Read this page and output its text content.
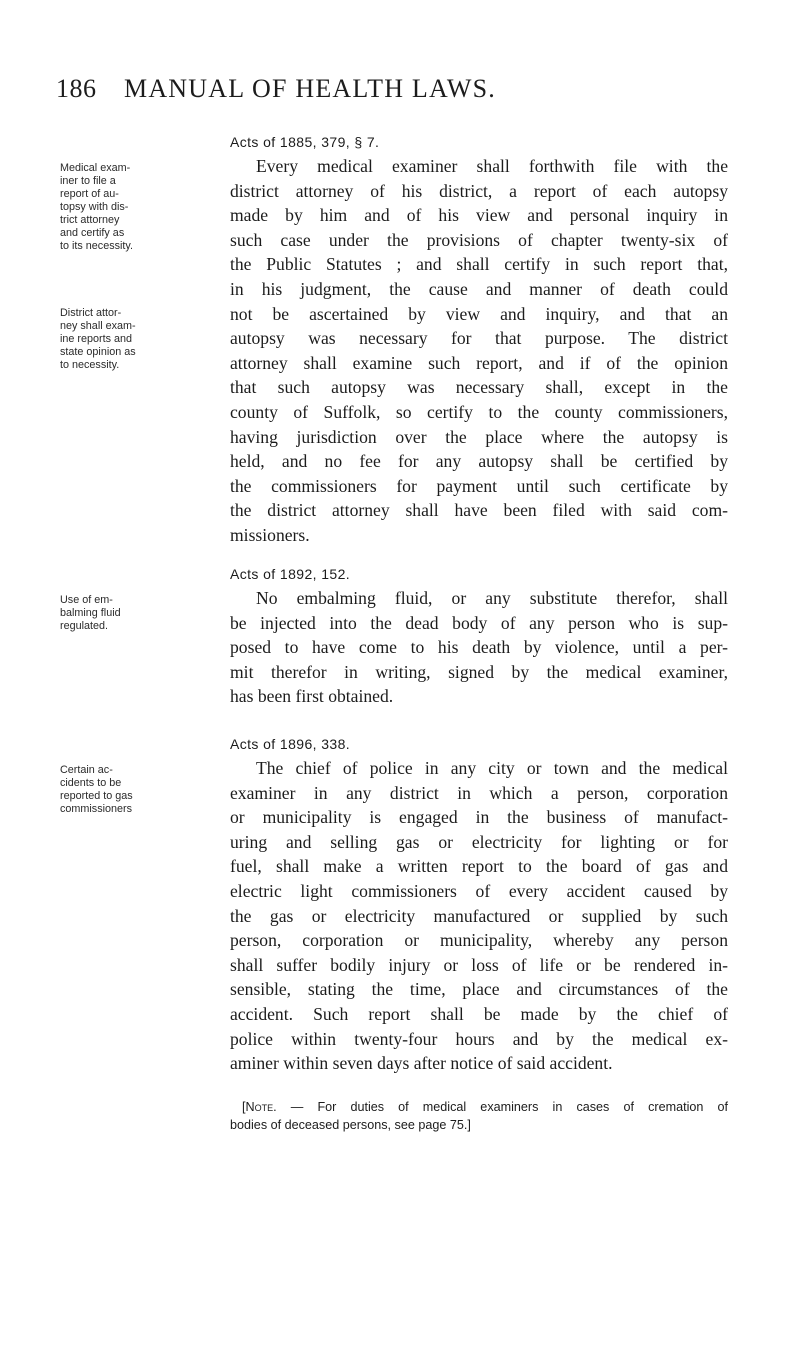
186 MANUAL OF HEALTH LAWS.
Acts of 1885, 379, § 7.
Medical exam-
iner to file a
report of au-
topsy with dis-
trict attorney
and certify as
to its necessity.
District attor-
ney shall exam-
ine reports and
state opinion as
to necessity.
Every medical examiner shall forthwith file with the
district attorney of his district, a report of each autopsy
made by him and of his view and personal inquiry in
such case under the provisions of chapter twenty-six of
the Public Statutes ; and shall certify in such report that,
in his judgment, the cause and manner of death could
not be ascertained by view and inquiry, and that an
autopsy was necessary for that purpose. The district
attorney shall examine such report, and if of the opinion
that such autopsy was necessary shall, except in the
county of Suffolk, so certify to the county commissioners,
having jurisdiction over the place where the autopsy is
held, and no fee for any autopsy shall be certified by
the commissioners for payment until such certificate by
the district attorney shall have been filed with said com-
missioners.
Acts of 1892, 152.
Use of em-
balming fluid
regulated.
No embalming fluid, or any substitute therefor, shall
be injected into the dead body of any person who is sup-
posed to have come to his death by violence, until a per-
mit therefor in writing, signed by the medical examiner,
has been first obtained.
Acts of 1896, 338.
Certain ac-
cidents to be
reported to gas
commissioners
The chief of police in any city or town and the medical
examiner in any district in which a person, corporation
or municipality is engaged in the business of manufact-
uring and selling gas or electricity for lighting or for
fuel, shall make a written report to the board of gas and
electric light commissioners of every accident caused by
the gas or electricity manufactured or supplied by such
person, corporation or municipality, whereby any person
shall suffer bodily injury or loss of life or be rendered in-
sensible, stating the time, place and circumstances of the
accident. Such report shall be made by the chief of
police within twenty-four hours and by the medical ex-
aminer within seven days after notice of said accident.
[Note. — For duties of medical examiners in cases of cremation of
bodies of deceased persons, see page 75.]
